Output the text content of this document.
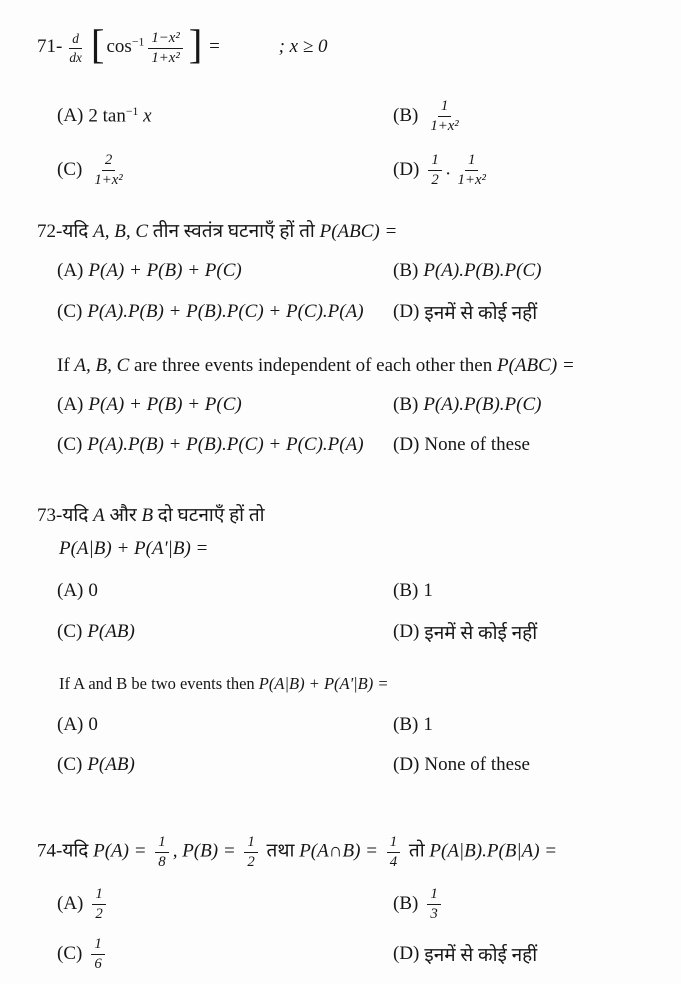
$71- \frac{d}{dx}$ [ $\cos^{-1} \frac{\text{1−x²}}{\text{1+x²}}$ ] =	; x ≥ 0
(A) 2 $\tan^{-1} x$	$(B) \frac{1}{\text{1+x²}}$
$(C) \frac{2}{\text{1+x²}}$	$(D) \frac{1}{2}$ . $\frac{1}{\text{1+x²}}$
72-यदि A, B, C तीन स्वतंत्र घटनाएँ हों तो P(ABC) =
(A) P(A) + P(B) + P(C)	(B) P(A).P(B).P(C)
(C) P(A).P(B) + P(B).P(C) + P(C).P(A) (D) इनमें से कोई नहीं
If A, B, C are three events independent of each other then P(ABC) =
(A) P(A) + P(B) + P(C)	(B) P(A).P(B).P(C)
(C) P(A).P(B) + P(B).P(C) + P(C).P(A) (D) None of these
73-यदि A और B दो घटनाएँ हों तो
P(A|B) + P(A'|B) =
(A) 0	(B) 1
(C) P(AB)	(D) इनमें से कोई नहीं
If A and B be two events then P(A|B) + P(A'|B) =
(A) 0	(B) 1
(C) P(AB)	(D) None of these
74-यदि $P(A) = \frac{1}{8}$ , $P(B) = \frac{1}{2}$ तथा P(A∩B) = $\frac{1}{4}$ तो P(A|B).P(B|A) =
$(A) \frac{1}{2}$	$(B) \frac{1}{3}$
$(C) \frac{1}{6}$	(D) इनमें से कोई नहीं
